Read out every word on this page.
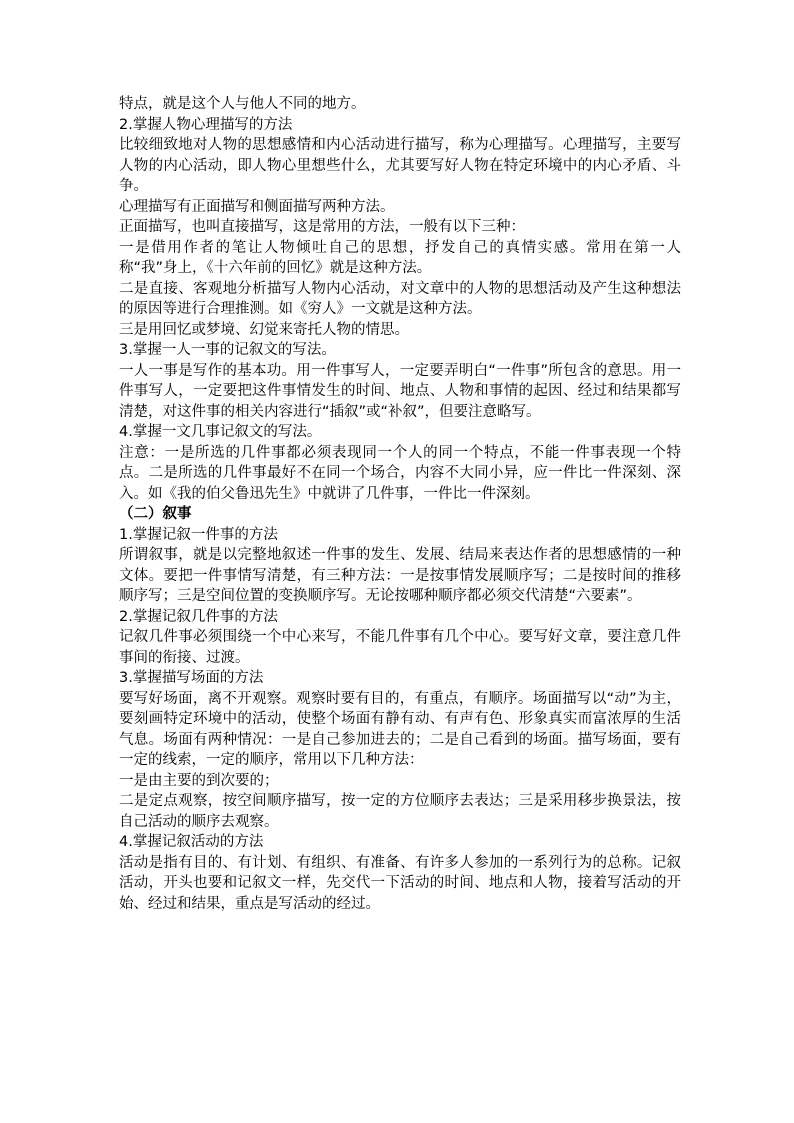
特点，就是这个人与他人不同的地方。

2.掌握人物心理描写的方法

比较细致地对人物的思想感情和内心活动进行描写，称为心理描写。心理描写，主要写人物的内心活动，即人物心里想些什么，尤其要写好人物在特定环境中的内心矛盾、斗争。

心理描写有正面描写和侧面描写两种方法。

正面描写，也叫直接描写，这是常用的方法，一般有以下三种：

一是借用作者的笔让人物倾吐自己的思想，抒发自己的真情实感。常用在第一人称“我”身上，《十六年前的回忆》就是这种方法。

二是直接、客观地分析描写人物内心活动，对文章中的人物的思想活动及产生这种想法的原因等进行合理推测。如《穷人》一文就是这种方法。

三是用回忆或梦境、幻觉来寄托人物的情思。

3.掌握一人一事的记叙文的写法。

一人一事是写作的基本功。用一件事写人，一定要弄明白“一件事”所包含的意思。用一件事写人，一定要把这件事情发生的时间、地点、人物和事情的起因、经过和结果都写清楚，对这件事的相关内容进行“插叙”或“补叙”，但要注意略写。

4.掌握一文几事记叙文的写法。

注意：一是所选的几件事都必须表现同一个人的同一个特点，不能一件事表现一个特点。二是所选的几件事最好不在同一个场合，内容不大同小异，应一件比一件深刻、深入。如《我的伯父鲁迅先生》中就讲了几件事，一件比一件深刻。

（二）叙事

1.掌握记叙一件事的方法

所谓叙事，就是以完整地叙述一件事的发生、发展、结局来表达作者的思想感情的一种文体。要把一件事情写清楚，有三种方法：一是按事情发展顺序写；二是按时间的推移顺序写；三是空间位置的变换顺序写。无论按哪种顺序都必须交代清楚“六要素”。

2.掌握记叙几件事的方法

记叙几件事必须围绕一个中心来写，不能几件事有几个中心。要写好文章，要注意几件事间的衔接、过渡。

3.掌握描写场面的方法

要写好场面，离不开观察。观察时要有目的，有重点，有顺序。场面描写以“动”为主，要刻画特定环境中的活动，使整个场面有静有动、有声有色、形象真实而富浓厚的生活气息。场面有两种情况：一是自己参加进去的；二是自己看到的场面。描写场面，要有一定的线索，一定的顺序，常用以下几种方法：

一是由主要的到次要的；

二是定点观察，按空间顺序描写，按一定的方位顺序去表达；三是采用移步换景法，按自己活动的顺序去观察。

4.掌握记叙活动的方法

活动是指有目的、有计划、有组织、有准备、有许多人参加的一系列行为的总称。记叙活动，开头也要和记叙文一样，先交代一下活动的时间、地点和人物，接着写活动的开始、经过和结果，重点是写活动的经过。
